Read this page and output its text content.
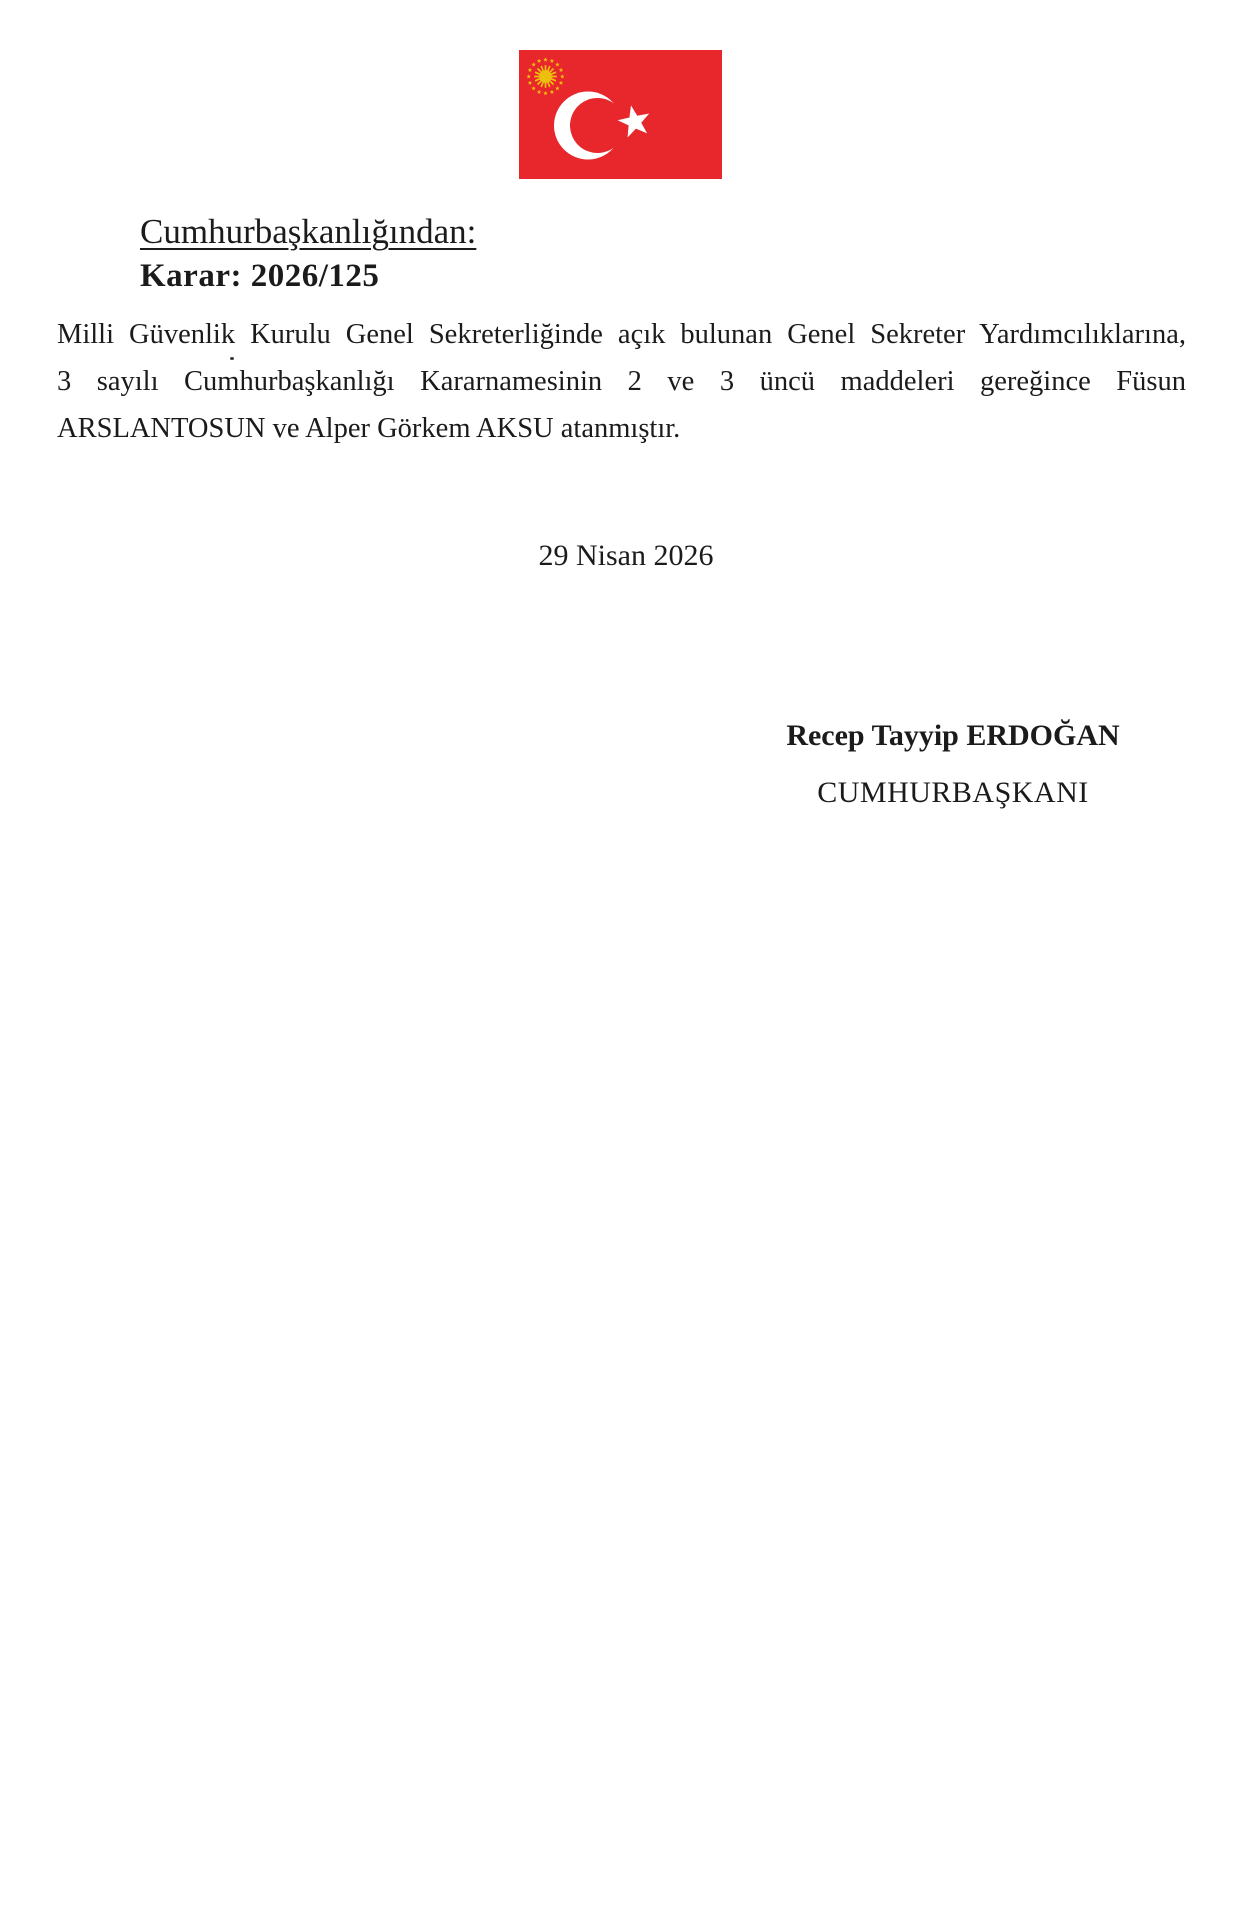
Cumhurbaşkanlığından:
Karar: 2026/125
Milli Güvenlik Kurulu Genel Sekreterliğinde açık bulunan Genel Sekreter Yardımcılıklarına,
3 sayılı Cumhurbaşkanlığı Kararnamesinin 2 ve 3 üncü maddeleri gereğince Füsun
ARSLANTOSUN ve Alper Görkem AKSU atanmıştır.
29 Nisan 2026
Recep Tayyip ERDOĞAN
CUMHURBAŞKANI
